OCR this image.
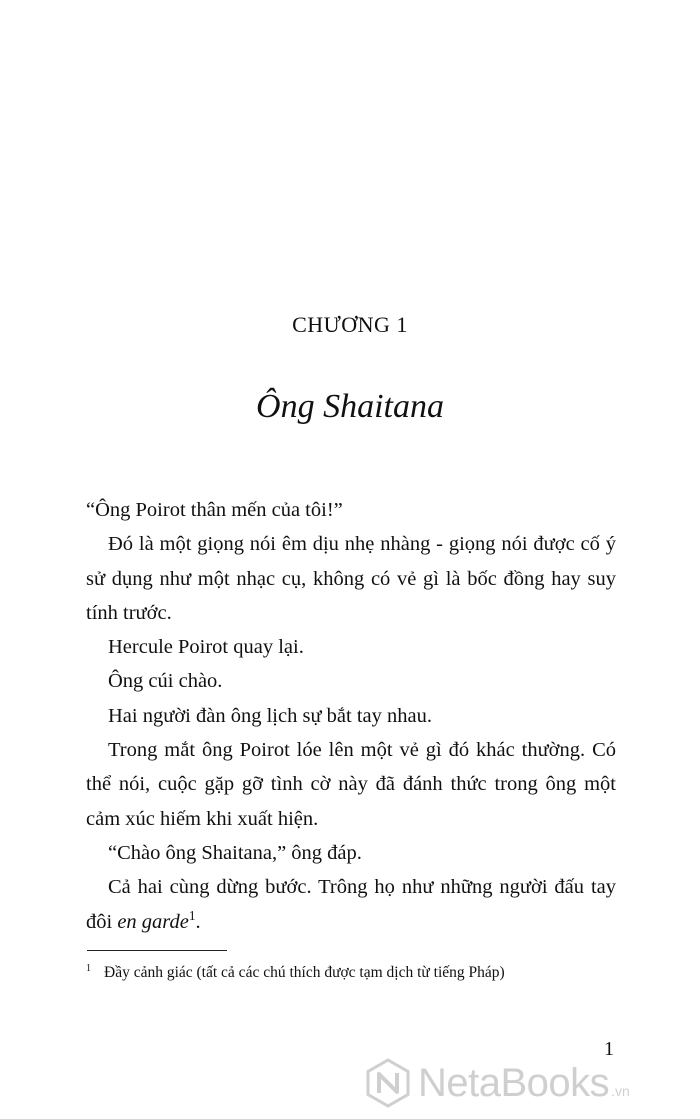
CHƯƠNG 1
Ông Shaitana

“Ông Poirot thân mến của tôi!”

Đó là một giọng nói êm dịu nhẹ nhàng - giọng nói được cố ý sử dụng như một nhạc cụ, không có vẻ gì là bốc đồng hay suy tính trước.

Hercule Poirot quay lại.

Ông cúi chào.

Hai người đàn ông lịch sự bắt tay nhau.

Trong mắt ông Poirot lóe lên một vẻ gì đó khác thường. Có thể nói, cuộc gặp gỡ tình cờ này đã đánh thức trong ông một cảm xúc hiếm khi xuất hiện.

“Chào ông Shaitana,” ông đáp.

Cả hai cùng dừng bước. Trông họ như những người đấu tay đôi en garde$^1$.

$^1$ Đầy cảnh giác (tất cả các chú thích được tạm dịch từ tiếng Pháp)
1
NetaBooks .vn
